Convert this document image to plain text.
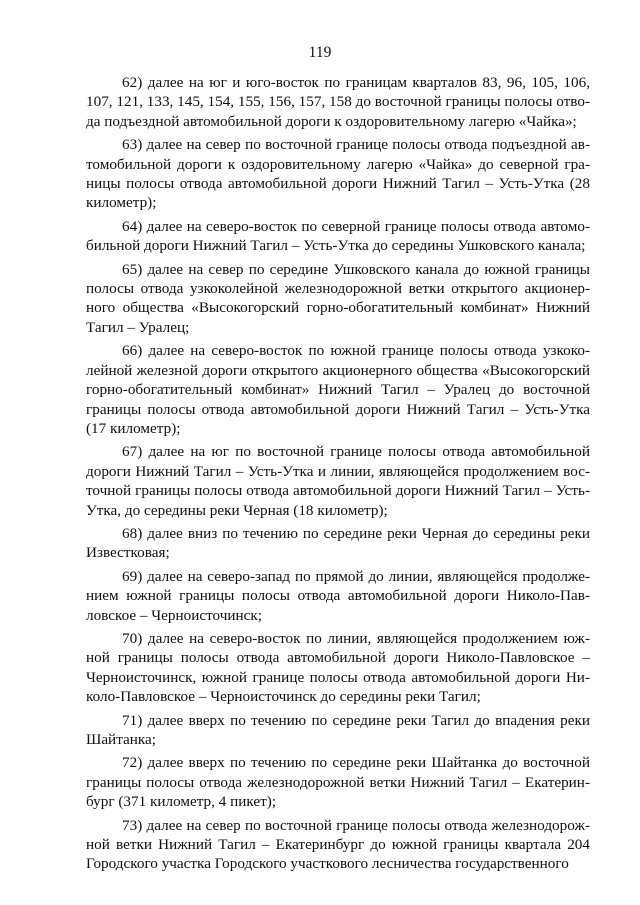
119

62) далее на юг и юго-восток по границам кварталов 83, 96, 105, 106, 107, 121, 133, 145, 154, 155, 156, 157, 158 до восточной границы полосы отвода подъездной автомобильной дороги к оздоровительному лагерю «Чайка»;

63) далее на север по восточной границе полосы отвода подъездной автомобильной дороги к оздоровительному лагерю «Чайка» до северной границы полосы отвода автомобильной дороги Нижний Тагил – Усть-Утка (28 километр);

64) далее на северо-восток по северной границе полосы отвода автомобильной дороги Нижний Тагил – Усть-Утка до середины Ушковского канала;

65) далее на север по середине Ушковского канала до южной границы полосы отвода узкоколейной железнодорожной ветки открытого акционерного общества «Высокогорский горно-обогатительный комбинат» Нижний Тагил – Уралец;

66) далее на северо-восток по южной границе полосы отвода узкоколейной железной дороги открытого акционерного общества «Высокогорский горно-обогатительный комбинат» Нижний Тагил – Уралец до восточной границы полосы отвода автомобильной дороги Нижний Тагил – Усть-Утка (17 километр);

67) далее на юг по восточной границе полосы отвода автомобильной дороги Нижний Тагил – Усть-Утка и линии, являющейся продолжением восточной границы полосы отвода автомобильной дороги Нижний Тагил – Усть-Утка, до середины реки Черная (18 километр);

68) далее вниз по течению по середине реки Черная до середины реки Известковая;

69) далее на северо-запад по прямой до линии, являющейся продолжением южной границы полосы отвода автомобильной дороги Николо-Павловское – Черноисточинск;

70) далее на северо-восток по линии, являющейся продолжением южной границы полосы отвода автомобильной дороги Николо-Павловское – Черноисточинск, южной границе полосы отвода автомобильной дороги Николо-Павловское – Черноисточинск до середины реки Тагил;

71) далее вверх по течению по середине реки Тагил до впадения реки Шайтанка;

72) далее вверх по течению по середине реки Шайтанка до восточной границы полосы отвода железнодорожной ветки Нижний Тагил – Екатеринбург (371 километр, 4 пикет);

73) далее на север по восточной границе полосы отвода железнодорожной ветки Нижний Тагил – Екатеринбург до южной границы квартала 204 Городского участка Городского участкового лесничества государственного
